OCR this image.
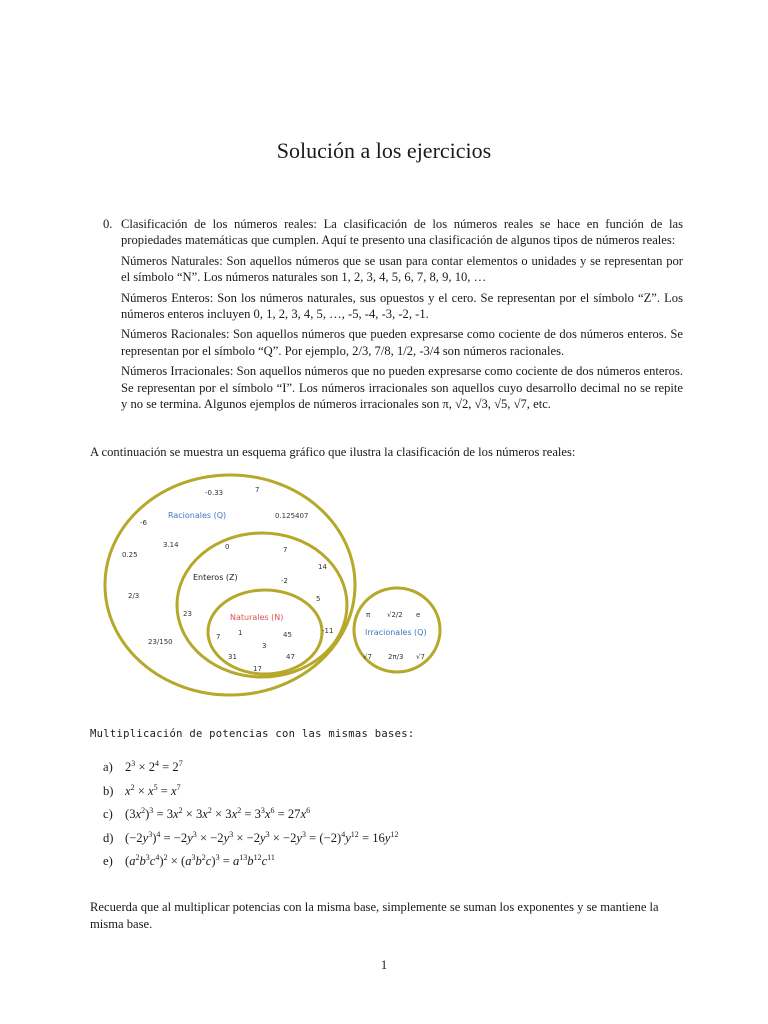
Solución a los ejercicios
0. Clasificación de los números reales: La clasificación de los números reales se hace en función de las propiedades matemáticas que cumplen. Aquí te presento una clasificación de algunos tipos de números reales:

Números Naturales: Son aquellos números que se usan para contar elementos o unidades y se representan por el símbolo “N”. Los números naturales son 1, 2, 3, 4, 5, 6, 7, 8, 9, 10, …

Números Enteros: Son los números naturales, sus opuestos y el cero. Se representan por el símbolo “Z”. Los números enteros incluyen 0, 1, 2, 3, 4, 5, …, -5, -4, -3, -2, -1.

Números Racionales: Son aquellos números que pueden expresarse como cociente de dos números enteros. Se representan por el símbolo “Q”. Por ejemplo, 2/3, 7/8, 1/2, -3/4 son números racionales.

Números Irracionales: Son aquellos números que no pueden expresarse como cociente de dos números enteros. Se representan por el símbolo “I”. Los números irracionales son aquellos cuyo desarrollo decimal no se repite y no se termina. Algunos ejemplos de números irracionales son π, √2, √3, √5, √7, etc.

A continuación se muestra un esquema gráfico que ilustra la clasificación de los números reales:
-0.33	7
0.125407
-6
3.14
0.25
2/3
23/150
0	7
-2
14
5
23
-11
7	1	45
3
31	47
17
π √2/2 e
√7 2π/3 √7
Racionales (Q)
Enteros (Z)
Naturales (N)
Irracionales (Q)
Multiplicación de potencias con las mismas bases:
a) $2^3 \times 2^4 = 2^7$
b) $x^2 \times x^5 = x^7$
c) $(3x^2)^3 = 3x^2 \times 3x^2 \times 3x^2 = 3^3x^6 = 27x^6$
d) $(-2y^3)^4 = -2y^3 \times -2y^3 \times -2y^3 \times -2y^3 = (-2)^4y^{12} = 16y^{12}$
e) $(a^2b^3c^4)^2 \times (a^3b^2c)^3 = a^{13}b^{12}c^{11}$
Recuerda que al multiplicar potencias con la misma base, simplemente se suman los exponentes y se mantiene la misma base.
1
